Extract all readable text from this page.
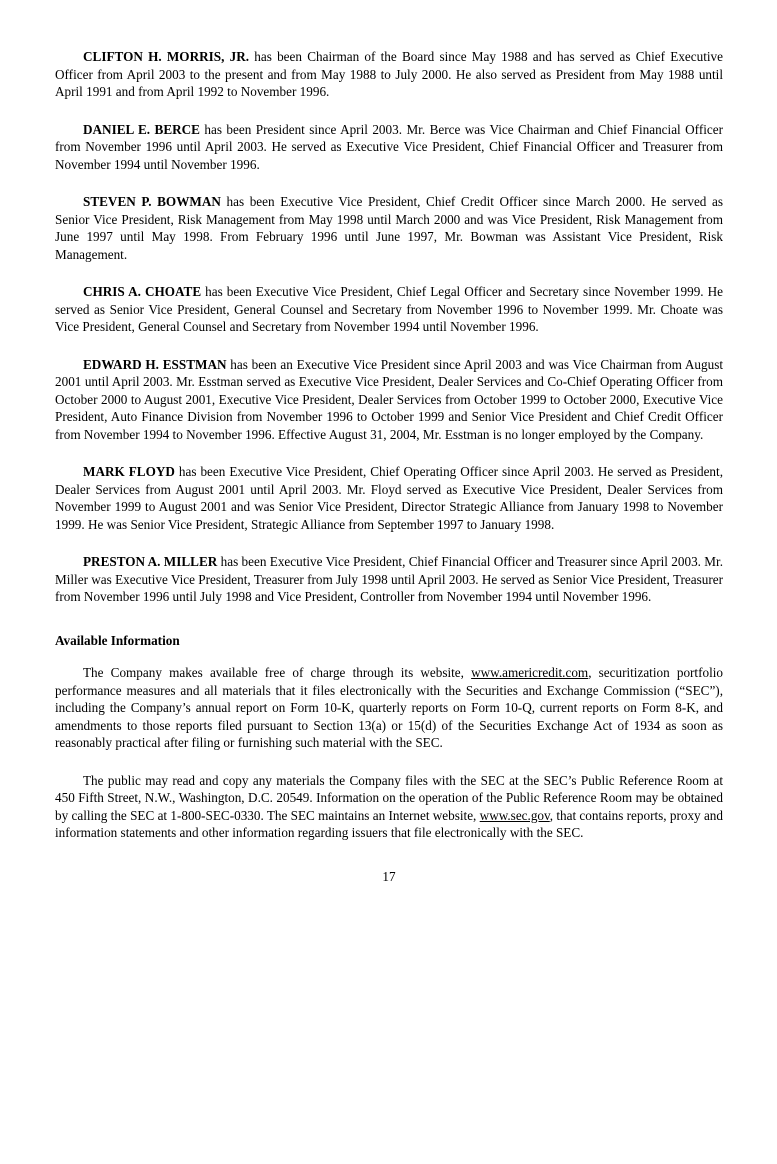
CLIFTON H. MORRIS, JR. has been Chairman of the Board since May 1988 and has served as Chief Executive Officer from April 2003 to the present and from May 1988 to July 2000. He also served as President from May 1988 until April 1991 and from April 1992 to November 1996.

DANIEL E. BERCE has been President since April 2003. Mr. Berce was Vice Chairman and Chief Financial Officer from November 1996 until April 2003. He served as Executive Vice President, Chief Financial Officer and Treasurer from November 1994 until November 1996.

STEVEN P. BOWMAN has been Executive Vice President, Chief Credit Officer since March 2000. He served as Senior Vice President, Risk Management from May 1998 until March 2000 and was Vice President, Risk Management from June 1997 until May 1998. From February 1996 until June 1997, Mr. Bowman was Assistant Vice President, Risk Management.

CHRIS A. CHOATE has been Executive Vice President, Chief Legal Officer and Secretary since November 1999. He served as Senior Vice President, General Counsel and Secretary from November 1996 to November 1999. Mr. Choate was Vice President, General Counsel and Secretary from November 1994 until November 1996.

EDWARD H. ESSTMAN has been an Executive Vice President since April 2003 and was Vice Chairman from August 2001 until April 2003. Mr. Esstman served as Executive Vice President, Dealer Services and Co-Chief Operating Officer from October 2000 to August 2001, Executive Vice President, Dealer Services from October 1999 to October 2000, Executive Vice President, Auto Finance Division from November 1996 to October 1999 and Senior Vice President and Chief Credit Officer from November 1994 to November 1996. Effective August 31, 2004, Mr. Esstman is no longer employed by the Company.

MARK FLOYD has been Executive Vice President, Chief Operating Officer since April 2003. He served as President, Dealer Services from August 2001 until April 2003. Mr. Floyd served as Executive Vice President, Dealer Services from November 1999 to August 2001 and was Senior Vice President, Director Strategic Alliance from January 1998 to November 1999. He was Senior Vice President, Strategic Alliance from September 1997 to January 1998.

PRESTON A. MILLER has been Executive Vice President, Chief Financial Officer and Treasurer since April 2003. Mr. Miller was Executive Vice President, Treasurer from July 1998 until April 2003. He served as Senior Vice President, Treasurer from November 1996 until July 1998 and Vice President, Controller from November 1994 until November 1996.

Available Information

The Company makes available free of charge through its website, www.americredit.com, securitization portfolio performance measures and all materials that it files electronically with the Securities and Exchange Commission (“SEC”), including the Company’s annual report on Form 10-K, quarterly reports on Form 10-Q, current reports on Form 8-K, and amendments to those reports filed pursuant to Section 13(a) or 15(d) of the Securities Exchange Act of 1934 as soon as reasonably practical after filing or furnishing such material with the SEC.

The public may read and copy any materials the Company files with the SEC at the SEC’s Public Reference Room at 450 Fifth Street, N.W., Washington, D.C. 20549. Information on the operation of the Public Reference Room may be obtained by calling the SEC at 1-800-SEC-0330. The SEC maintains an Internet website, www.sec.gov, that contains reports, proxy and information statements and other information regarding issuers that file electronically with the SEC.

17
